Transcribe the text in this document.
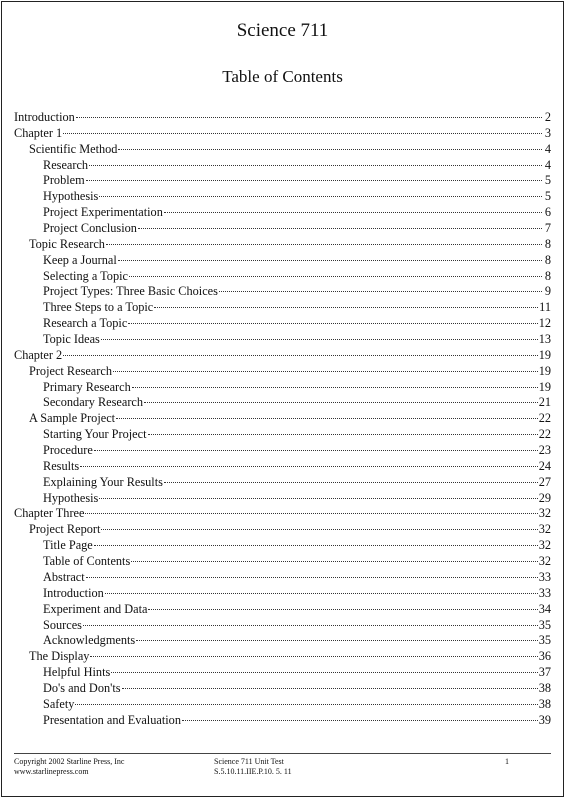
Science 711
Table of Contents
Introduction	2
Chapter 1	3
Scientific Method	4
Research	4
Problem	5
Hypothesis	5
Project Experimentation	6
Project Conclusion	7
Topic Research	8
Keep a Journal	8
Selecting a Topic	8
Project Types: Three Basic Choices	9
Three Steps to a Topic	11
Research a Topic	12
Topic Ideas	13
Chapter 2	19
Project Research	19
Primary Research	19
Secondary Research	21
A Sample Project	22
Starting Your Project	22
Procedure	23
Results	24
Explaining Your Results	27
Hypothesis	29
Chapter Three	32
Project Report	32
Title Page	32
Table of Contents	32
Abstract	33
Introduction	33
Experiment and Data	34
Sources	35
Acknowledgments	35
The Display	36
Helpful Hints	37
Do's and Don'ts	38
Safety	38
Presentation and Evaluation	39
Copyright 2002 Starline Press, Inc
www.starlinepress.com
Science 711 Unit Test
S.5.10.11.IIE.P.10. 5. 11
1
